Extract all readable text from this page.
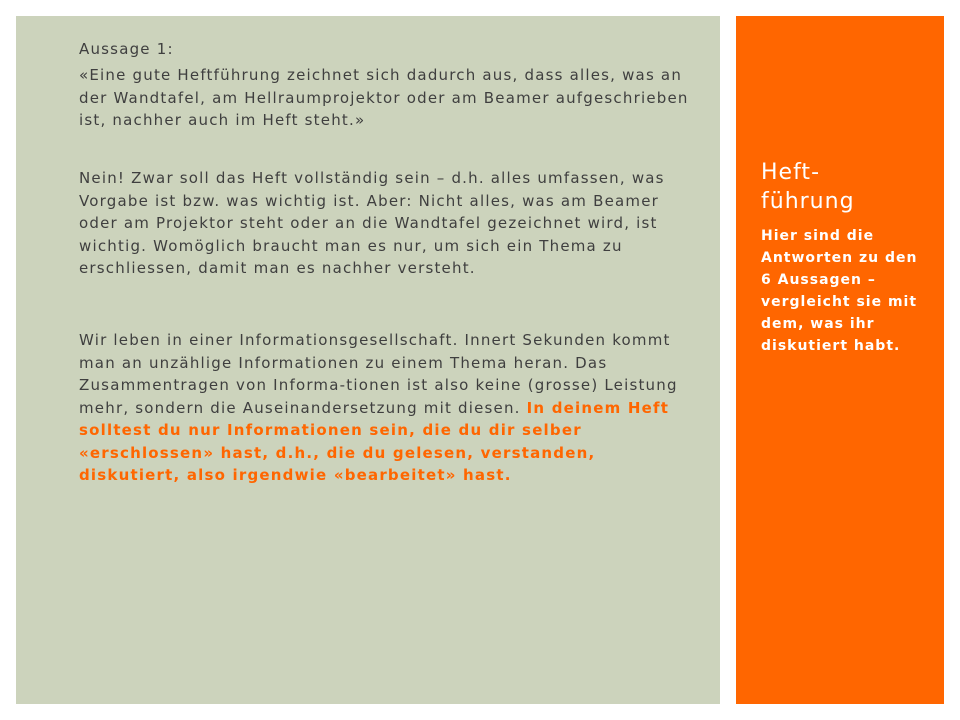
Aussage 1:
«Eine gute Heftführung zeichnet sich dadurch aus, dass alles, was an der Wandtafel, am Hellraumprojektor oder am Beamer aufgeschrieben ist, nachher auch im Heft steht.»
Nein! Zwar soll das Heft vollständig sein – d.h. alles umfassen, was Vorgabe ist bzw. was wichtig ist. Aber: Nicht alles, was am Beamer oder am Projektor steht oder an die Wandtafel gezeichnet wird, ist wichtig. Womöglich braucht man es nur, um sich ein Thema zu erschliessen, damit man es nachher versteht.
Wir leben in einer Informationsgesellschaft. Innert Sekunden kommt man an unzählige Informationen zu einem Thema heran. Das Zusammentragen von Informa-tionen ist also keine (grosse) Leistung mehr, sondern die Auseinandersetzung mit diesen. In deinem Heft solltest du nur Informationen sein, die du dir selber «erschlossen» hast, d.h., die du gelesen, verstanden, diskutiert, also irgendwie «bearbeitet» hast.
Heft-
führung
Hier sind die Antworten zu den 6 Aussagen –
vergleicht sie mit dem, was ihr diskutiert habt.
